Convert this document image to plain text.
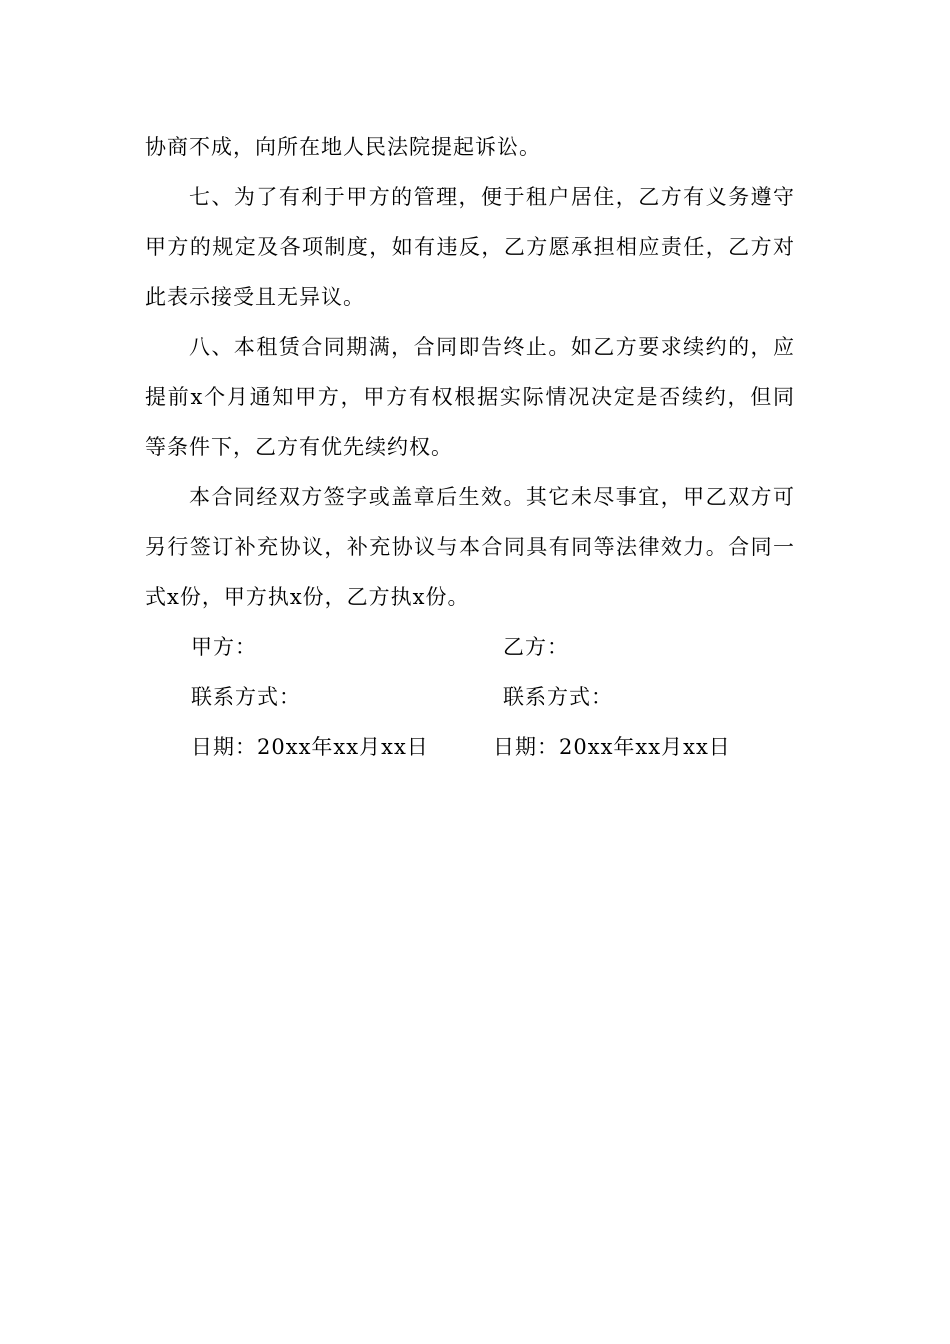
协商不成，向所在地人民法院提起诉讼。

七、为了有利于甲方的管理，便于租户居住，乙方有义务遵守甲方的规定及各项制度，如有违反，乙方愿承担相应责任，乙方对此表示接受且无异议。

八、本租赁合同期满，合同即告终止。如乙方要求续约的，应提前x个月通知甲方，甲方有权根据实际情况决定是否续约，但同等条件下，乙方有优先续约权。

本合同经双方签字或盖章后生效。其它未尽事宜，甲乙双方可另行签订补充协议，补充协议与本合同具有同等法律效力。合同一式x份，甲方执x份，乙方执x份。

甲方：	乙方：
联系方式：	联系方式：
日期：20xx年xx月xx日	日期：20xx年xx月xx日
